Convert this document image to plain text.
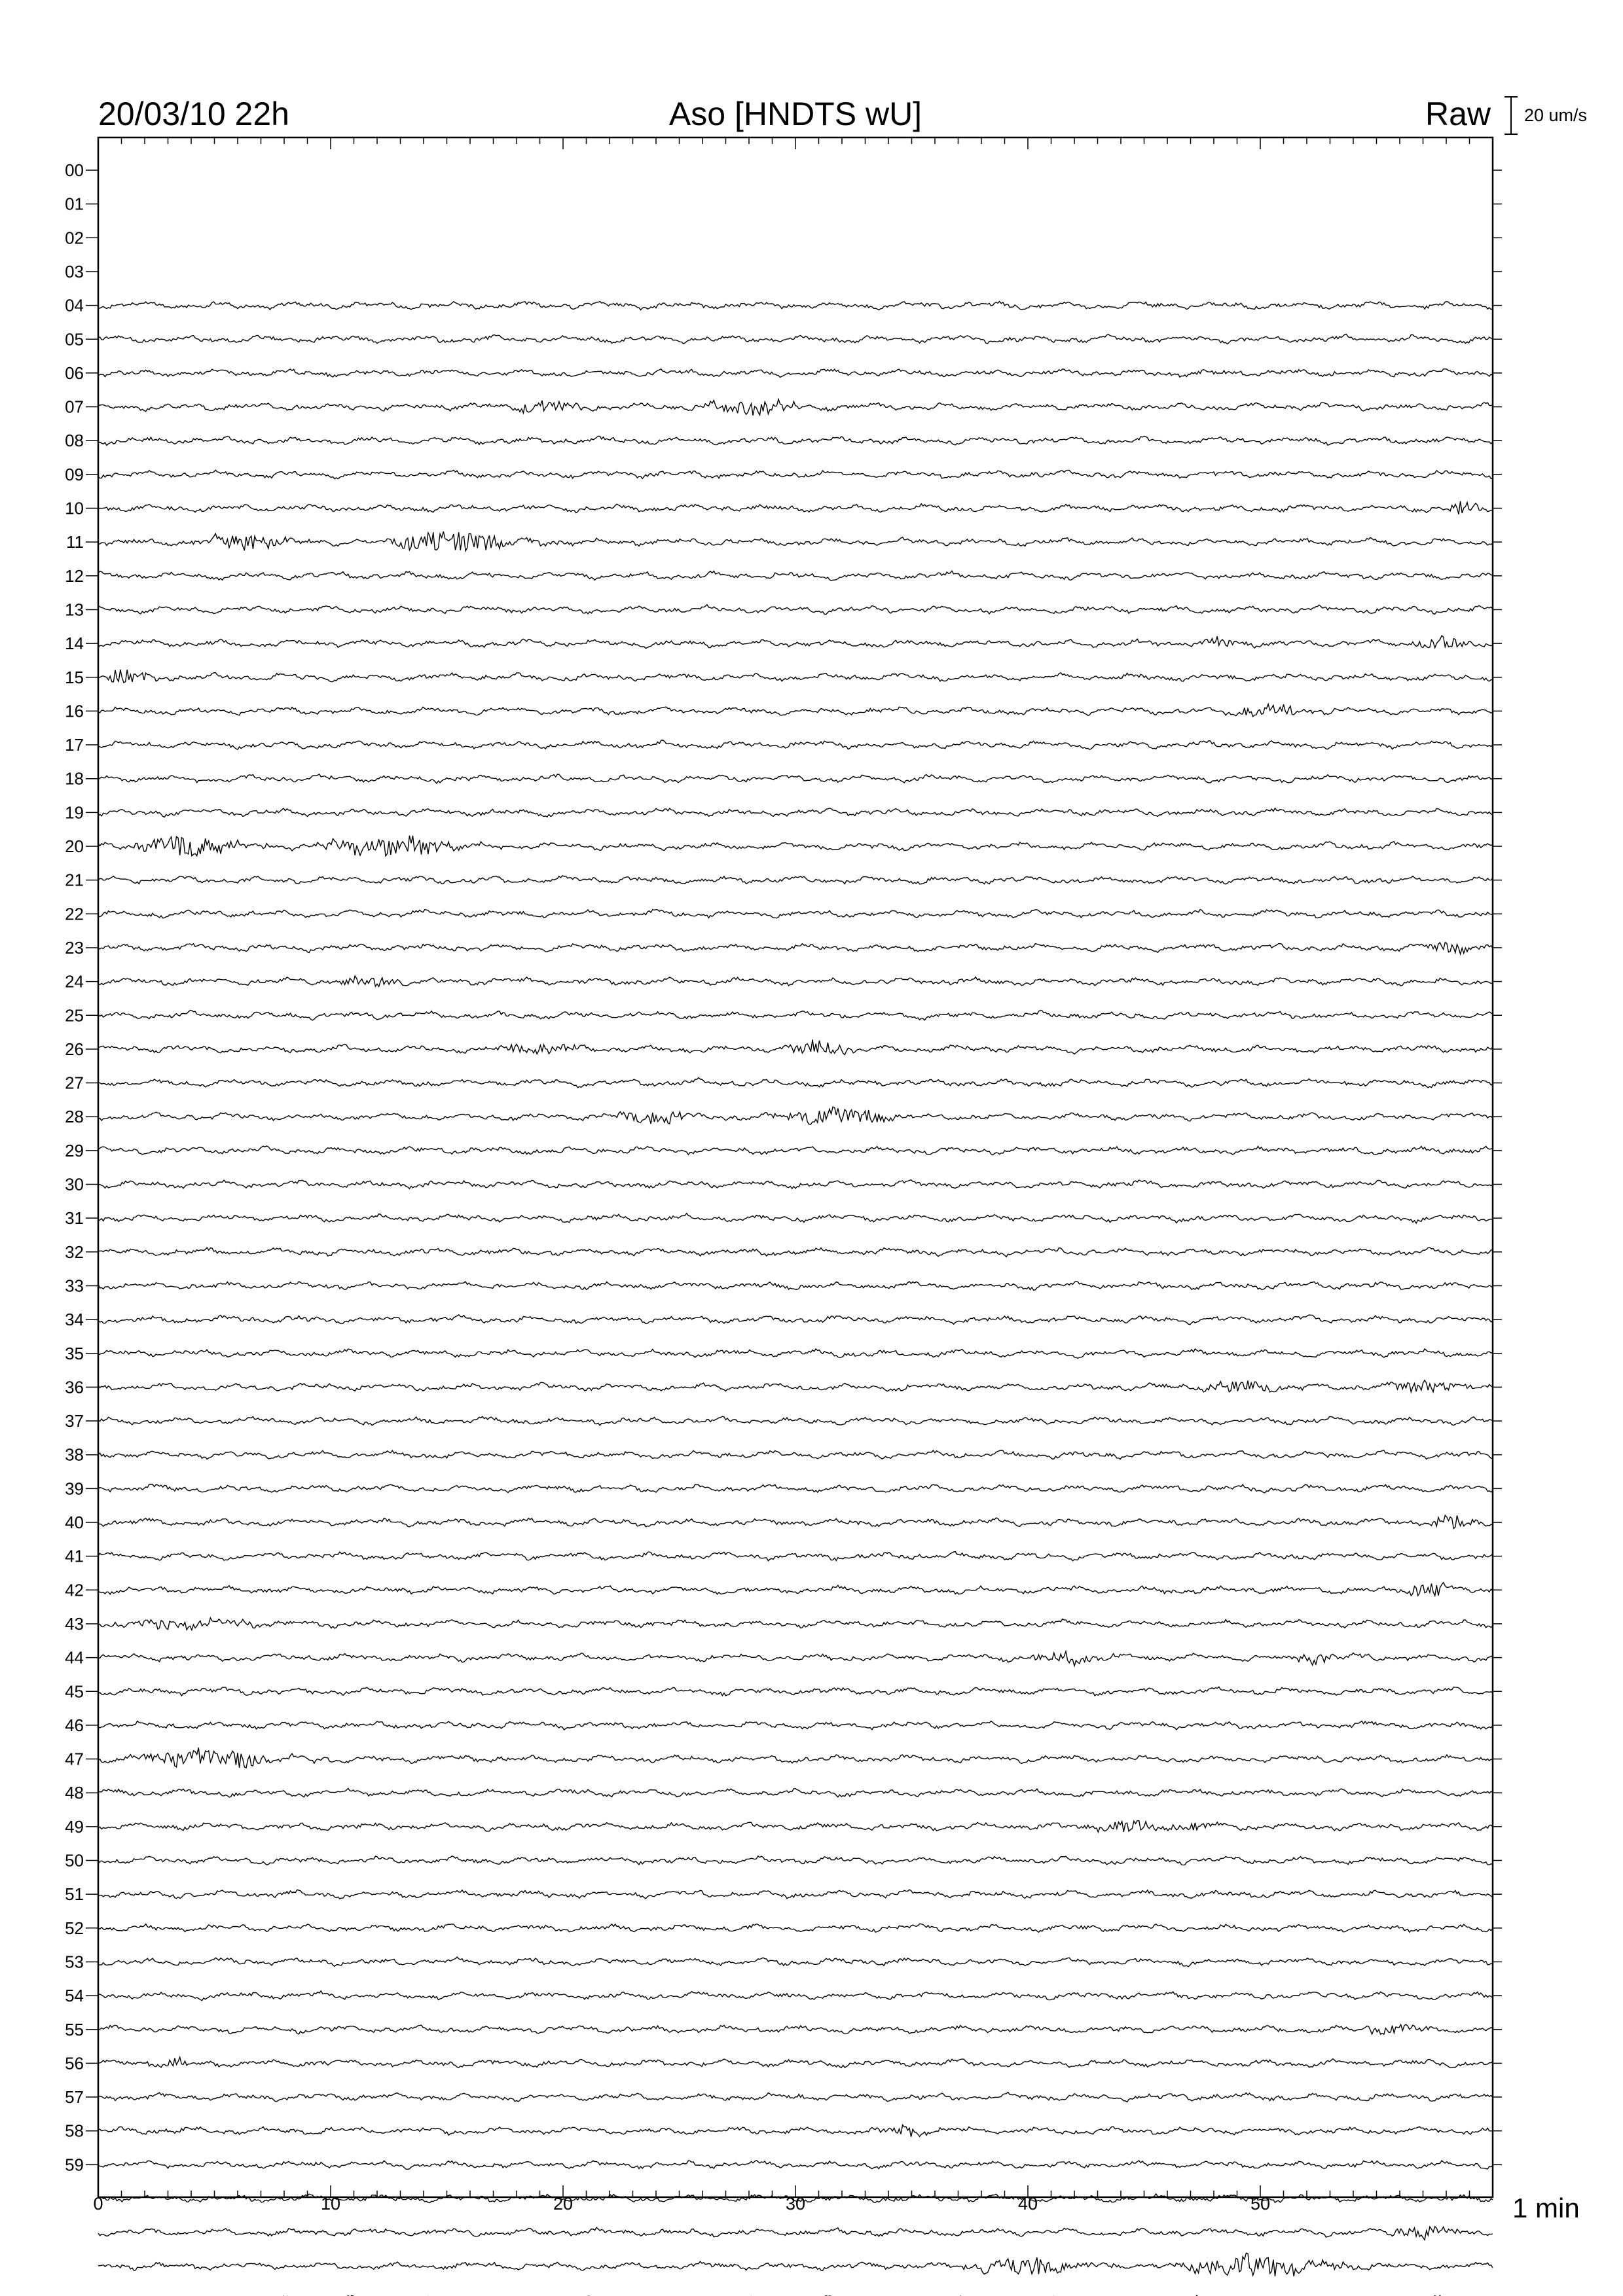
20/03/10 22h	Aso [HNDTS wU]	Raw 20 um/s
1 min
0	10	20	30	40	50
00
01
02
03
04
05
06
07
08
09
10
11
12
13
14
15
16
17
18
19
20
21
22
23
24
25
26
27
28
29
30
31
32
33
34
35
36
37
38
39
40
41
42
43
44
45
46
47
48
49
50
51
52
53
54
55
56
57
58
59
